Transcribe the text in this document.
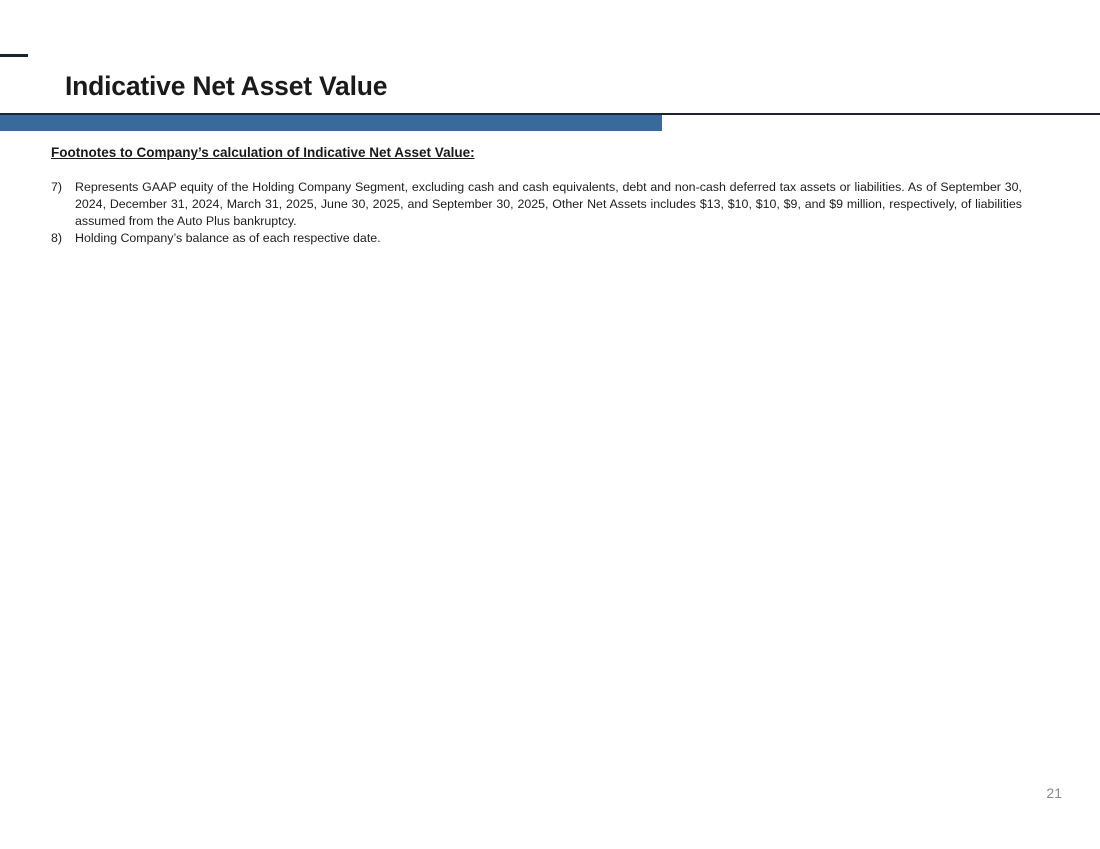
Indicative Net Asset Value
Footnotes to Company’s calculation of Indicative Net Asset Value:
7)	Represents GAAP equity of the Holding Company Segment, excluding cash and cash equivalents, debt and non-cash deferred tax assets or liabilities. As of September 30, 2024, December 31, 2024, March 31, 2025, June 30, 2025, and September 30, 2025, Other Net Assets includes $13, $10, $10, $9, and $9 million, respectively, of liabilities assumed from the Auto Plus bankruptcy.

8)	Holding Company’s balance as of each respective date.

21
